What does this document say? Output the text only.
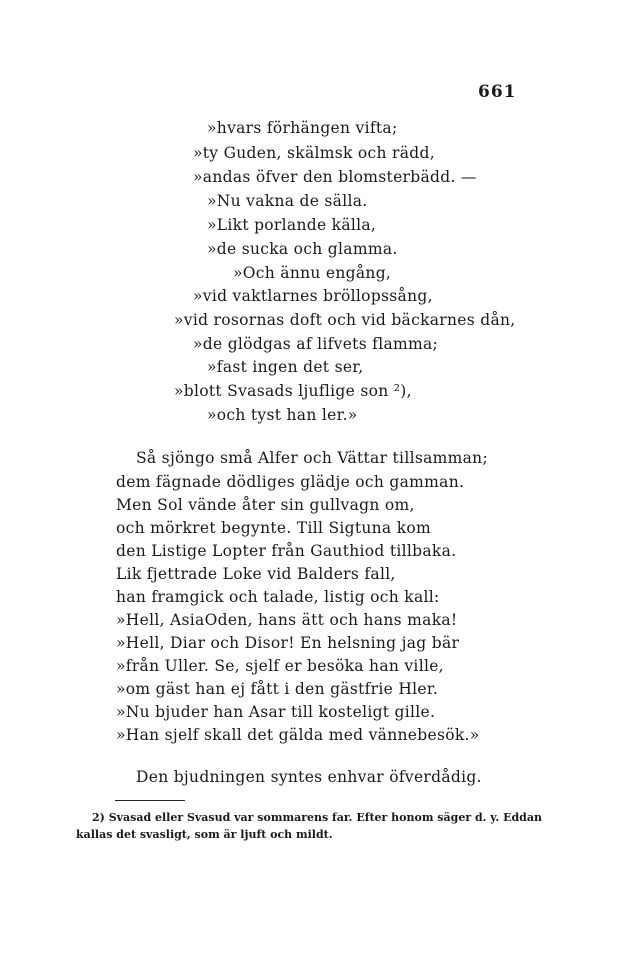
661
»hvars förhängen vifta;
»ty Guden, skälmsk och rädd,
»andas öfver den blomsterbädd. —
»Nu vakna de sälla.
»Likt porlande källa,
»de sucka och glamma.
»Och ännu engång,
»vid vaktlarnes bröllopssång,
»vid rosornas doft och vid bäckarnes dån,
»de glödgas af lifvets flamma;
»fast ingen det ser,
»blott Svasads ljuflige son ²),
»och tyst han ler.»
Så sjöngo små Alfer och Vättar tillsamman;
dem fägnade dödliges glädje och gamman.
Men Sol vände åter sin gullvagn om,
och mörkret begynte. Till Sigtuna kom
den Listige Lopter från Gauthiod tillbaka.
Lik fjettrade Loke vid Balders fall,
han framgick och talade, listig och kall:
»Hell, AsiaOden, hans ätt och hans maka!
»Hell, Diar och Disor! En helsning jag bär
»från Uller. Se, sjelf er besöka han ville,
»om gäst han ej fått i den gästfrie Hler.
»Nu bjuder han Asar till kosteligt gille.
»Han sjelf skall det gälda med vännebesök.»
Den bjudningen syntes enhvar öfverdådig.
2) Svasad eller Svasud var sommarens far. Efter honom säger d. y. Eddan
kallas det svasligt, som är ljuft och mildt.
